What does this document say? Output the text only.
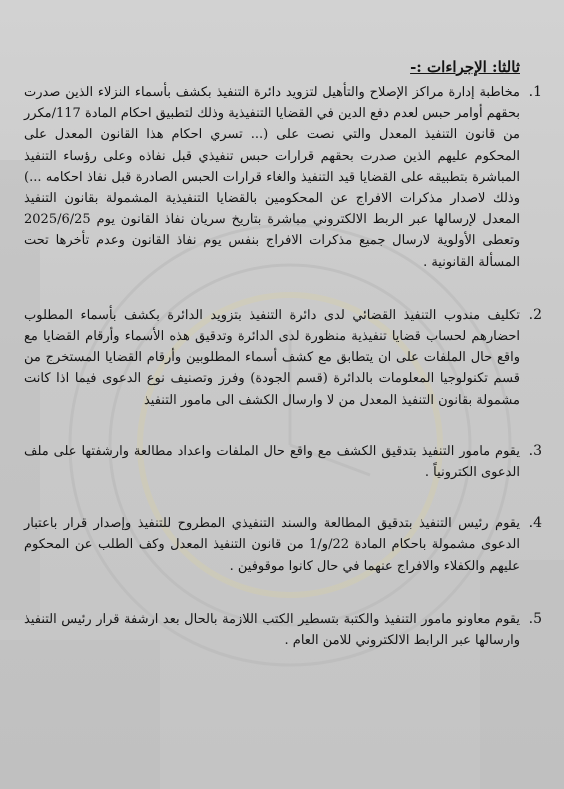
ثالثا: الإجراءات :-
.1
مخاطبة إدارة مراكز الإصلاح والتأهيل لتزويد دائرة التنفيذ بكشف بأسماء النزلاء الذين صدرت بحقهم أوامر حبس لعدم دفع الدين في القضايا التنفيذية وذلك لتطبيق احكام المادة 117/مكرر من قانون التنفيذ المعدل والتي نصت على (... تسري احكام هذا القانون المعدل على المحكوم عليهم الذين صدرت بحقهم قرارات حبس تنفيذي قبل نفاذه وعلى رؤساء التنفيذ المباشرة بتطبيقه على القضايا قيد التنفيذ والغاء قرارات الحبس الصادرة قبل نفاذ احكامه ...) وذلك لاصدار مذكرات الافراج عن المحكومين بالقضايا التنفيذية المشمولة بقانون التنفيذ المعدل لإرسالها عبر الربط الالكتروني مباشرة بتاريخ سريان نفاذ القانون يوم 2025/6/25 وتعطى الأولوية لارسال جميع مذكرات الافراج بنفس يوم نفاذ القانون وعدم تأخرها تحت المسألة القانونية .
.2
تكليف مندوب التنفيذ القضائي لدى دائرة التنفيذ بتزويد الدائرة بكشف بأسماء المطلوب احضارهم لحساب قضايا تنفيذية منظورة لدى الدائرة وتدقيق هذه الأسماء وأرقام القضايا مع واقع حال الملفات على ان يتطابق مع كشف أسماء المطلوبين وأرقام القضايا المستخرج من قسم تكنولوجيا المعلومات بالدائرة (قسم الجودة) وفرز وتصنيف نوع الدعوى فيما اذا كانت مشمولة بقانون التنفيذ المعدل من لا وارسال الكشف الى مامور التنفيذ
.3
يقوم مامور التنفيذ بتدقيق الكشف مع واقع حال الملفات واعداد مطالعة وارشفتها على ملف الدعوى الكترونياً .
.4
يقوم رئيس التنفيذ بتدقيق المطالعة والسند التنفيذي المطروح للتنفيذ وإصدار قرار باعتبار الدعوى مشمولة باحكام المادة 22/و/1 من قانون التنفيذ المعدل وكف الطلب عن المحكوم عليهم والكفلاء والافراج عنهما في حال كانوا موقوفين .
.5
يقوم معاونو مامور التنفيذ والكتبة بتسطير الكتب اللازمة بالحال بعد ارشفة قرار رئيس التنفيذ وارسالها عبر الرابط الالكتروني للامن العام .
